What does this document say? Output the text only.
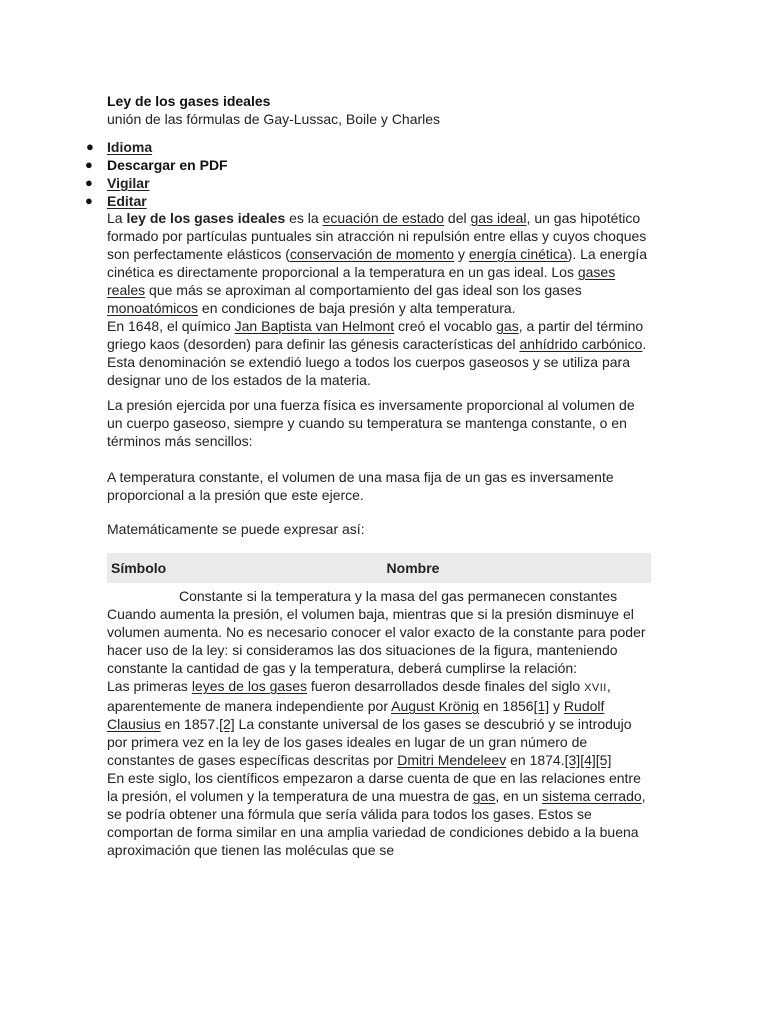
Ley de los gases ideales
unión de las fórmulas de Gay-Lussac, Boile y Charles
● Idioma
● Descargar en PDF
● Vigilar
● Editar

La ley de los gases ideales es la ecuación de estado del gas ideal, un gas hipotético formado por partículas puntuales sin atracción ni repulsión entre ellas y cuyos choques son perfectamente elásticos (conservación de momento y energía cinética). La energía cinética es directamente proporcional a la temperatura en un gas ideal. Los gases reales que más se aproximan al comportamiento del gas ideal son los gases monoatómicos en condiciones de baja presión y alta temperatura.

En 1648, el químico Jan Baptista van Helmont creó el vocablo gas, a partir del término griego kaos (desorden) para definir las génesis características del anhídrido carbónico. Esta denominación se extendió luego a todos los cuerpos gaseosos y se utiliza para designar uno de los estados de la materia.

La presión ejercida por una fuerza física es inversamente proporcional al volumen de un cuerpo gaseoso, siempre y cuando su temperatura se mantenga constante, o en términos más sencillos:

A temperatura constante, el volumen de una masa fija de un gas es inversamente proporcional a la presión que este ejerce.

Matemáticamente se puede expresar así:

Símbolo	Nombre
	Constante si la temperatura y la masa del gas permanecen constantes

Cuando aumenta la presión, el volumen baja, mientras que si la presión disminuye el volumen aumenta. No es necesario conocer el valor exacto de la constante para poder hacer uso de la ley: si consideramos las dos situaciones de la figura, manteniendo constante la cantidad de gas y la temperatura, deberá cumplirse la relación:

Las primeras leyes de los gases fueron desarrollados desde finales del siglo XVII, aparentemente de manera independiente por August Krönig en 1856[1] y Rudolf Clausius en 1857.[2] La constante universal de los gases se descubrió y se introdujo por primera vez en la ley de los gases ideales en lugar de un gran número de constantes de gases específicas descritas por Dmitri Mendeleev en 1874.[3][4][5]

En este siglo, los científicos empezaron a darse cuenta de que en las relaciones entre la presión, el volumen y la temperatura de una muestra de gas, en un sistema cerrado, se podría obtener una fórmula que sería válida para todos los gases. Estos se comportan de forma similar en una amplia variedad de condiciones debido a la buena aproximación que tienen las moléculas que se
